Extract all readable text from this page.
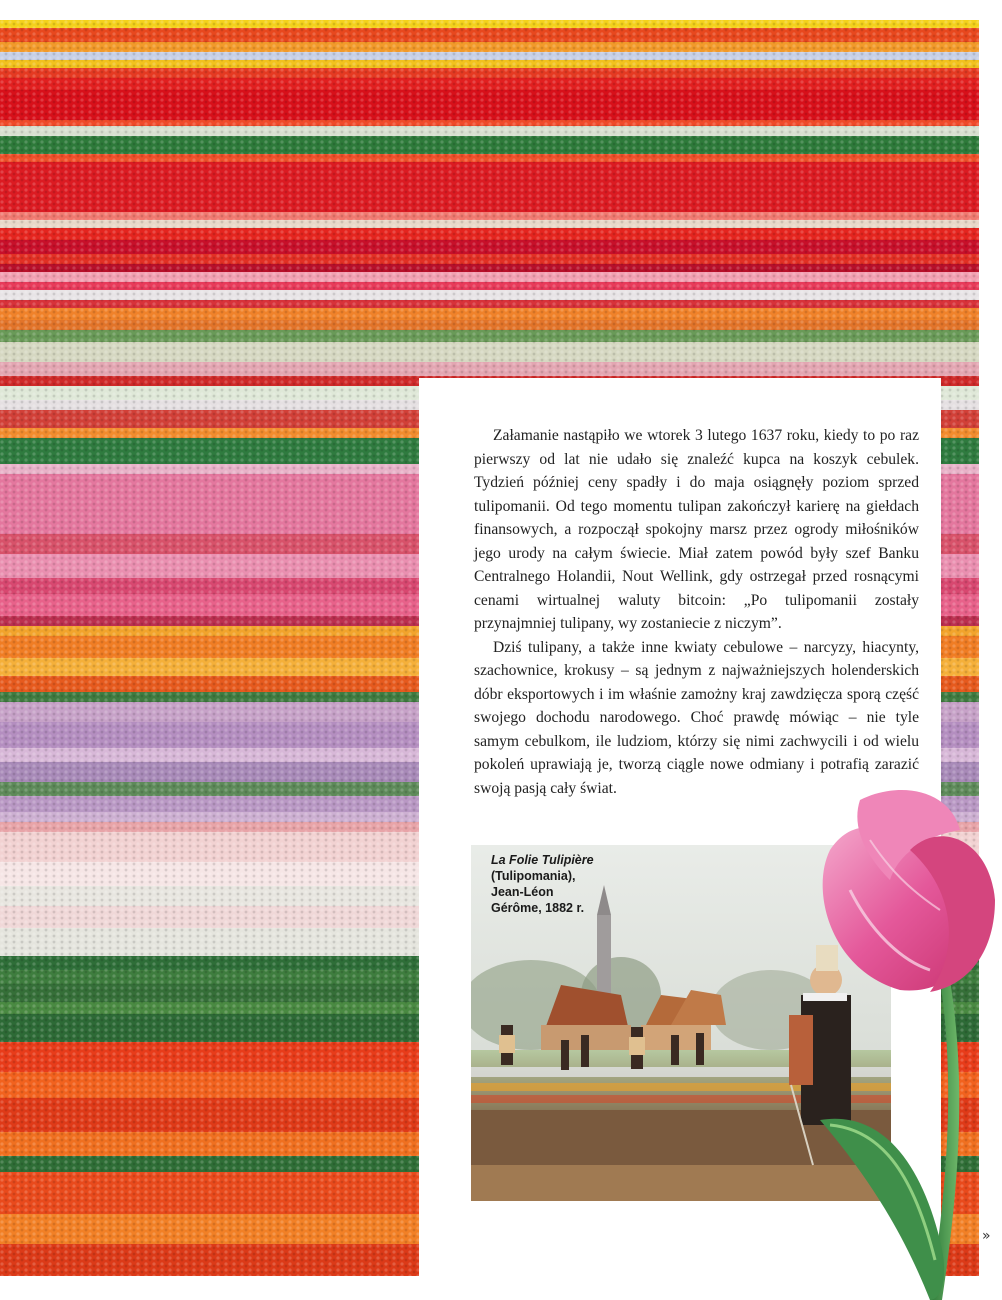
Załamanie nastąpiło we wtorek 3 lutego 1637 roku, kiedy to po raz pierwszy od lat nie udało się znaleźć kupca na koszyk cebulek. Tydzień później ceny spadły i do maja osiągnęły poziom sprzed tulipomanii. Od tego momentu tulipan zakończył karierę na giełdach finansowych, a rozpoczął spokojny marsz przez ogrody miłośników jego urody na całym świecie. Miał zatem powód były szef Banku Centralnego Holandii, Nout Wellink, gdy ostrzegał przed rosnącymi cenami wirtualnej waluty bitcoin: „Po tulipomanii zostały przynajmniej tulipany, wy zostaniecie z niczym”.

Dziś tulipany, a także inne kwiaty cebulowe – narcyzy, hiacynty, szachownice, krokusy – są jednym z najważniejszych holenderskich dóbr eksportowych i im właśnie zamożny kraj zawdzięcza sporą część swojego dochodu narodowego. Choć prawdę mówiąc – nie tyle samym cebulkom, ile ludziom, którzy się nimi zachwycili i od wielu pokoleń uprawiają je, tworzą ciągle nowe odmiany i potrafią zarazić swoją pasją cały świat.

La Folie Tulipière
(Tulipomania),
Jean-Léon
Gérôme, 1882 r.
»
